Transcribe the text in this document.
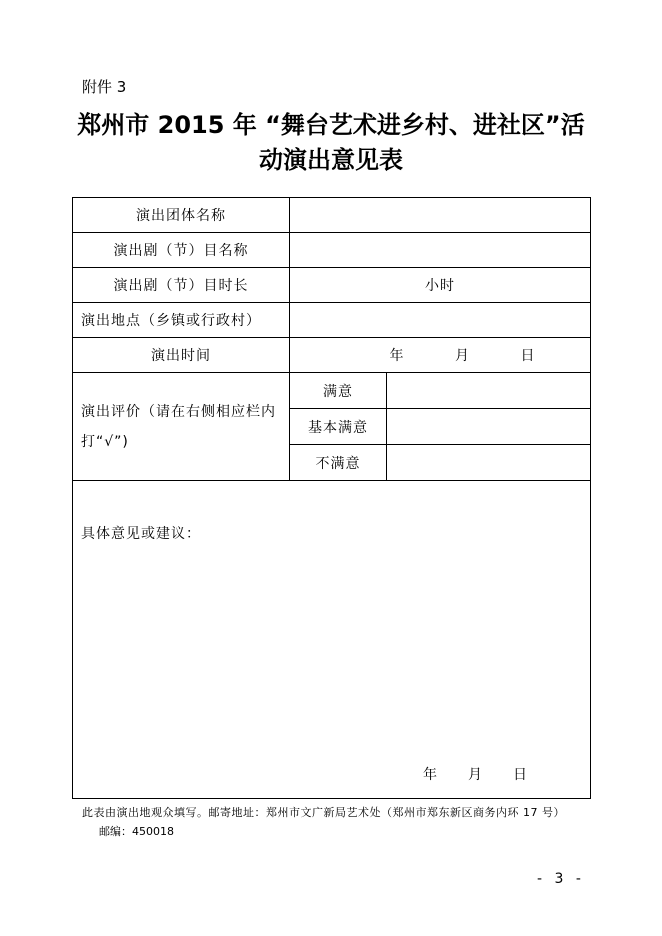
附件 3
郑州市 2015 年 “舞台艺术进乡村、进社区”活
动演出意见表
演出团体名称		
演出剧（节）目名称		
演出剧（节）目时长	小时	
演出地点（乡镇或行政村）		
演出时间	年 月 日	
演出评价（请在右侧相应栏内打“√”)	满意	
	基本满意	
	不满意	

具体意见或建议：
年　　月　　日		
此表由演出地观众填写。邮寄地址：郑州市文广新局艺术处（郑州市郑东新区商务内环 17 号）
邮编：450018
- 3 -
